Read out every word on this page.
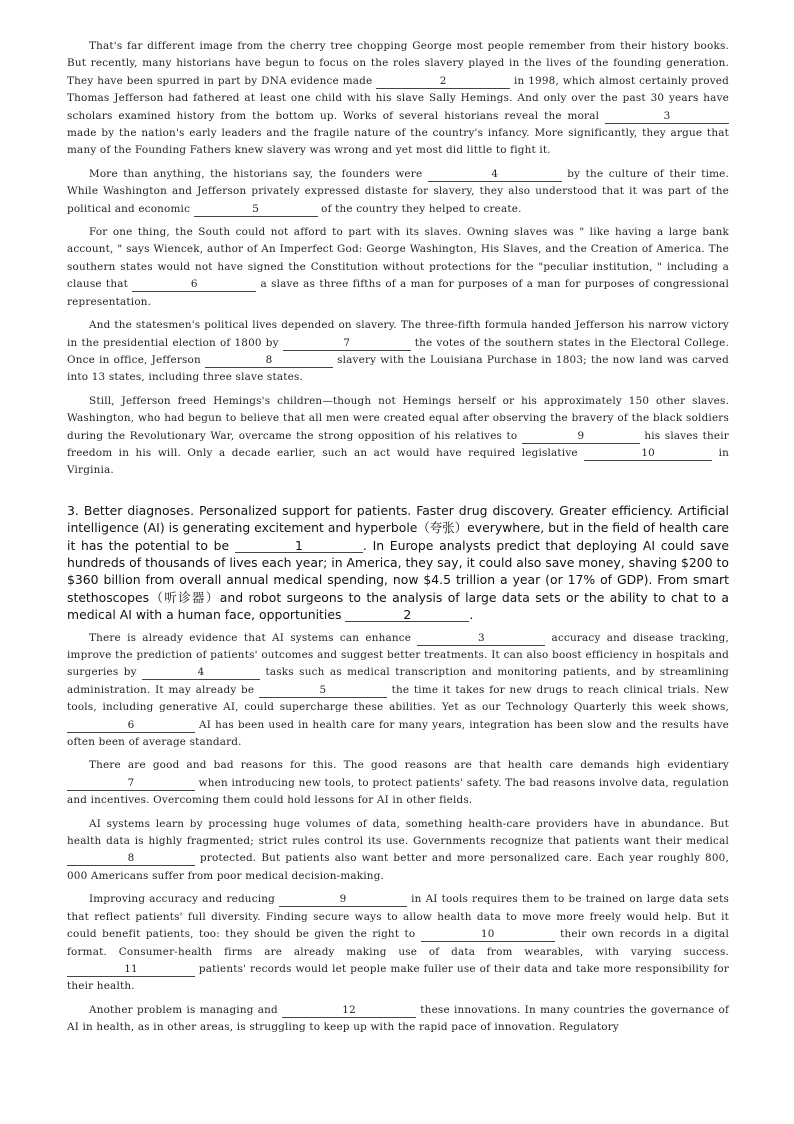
That's far different image from the cherry tree chopping George most people remember from their history books. But recently, many historians have begun to focus on the roles slavery played in the lives of the founding generation. They have been spurred in part by DNA evidence made	2	in 1998, which almost certainly proved Thomas Jefferson had fathered at least one child with his slave Sally Hemings. And only over the past 30 years have scholars examined history from the bottom up. Works of several historians reveal the moral	3 made by the nation's early leaders and the fragile nature of the country's infancy. More significantly, they argue that many of the Founding Fathers knew slavery was wrong and yet most did little to fight it.

More than anything, the historians say, the founders were	4	by the culture of their time. While Washington and Jefferson privately expressed distaste for slavery, they also understood that it was part of the political and economic	5	of the country they helped to create.

For one thing, the South could not afford to part with its slaves. Owning slaves was " like having a large bank account, " says Wiencek, author of An Imperfect God: George Washington, His Slaves, and the Creation of America. The southern states would not have signed the Constitution without protections for the "peculiar institution, " including a clause that	6	a slave as three fifths of a man for purposes of a man for purposes of congressional representation.

And the statesmen's political lives depended on slavery. The three-fifth formula handed Jefferson his narrow victory in the presidential election of 1800 by	7	the votes of the southern states in the Electoral College. Once in office, Jefferson	8	slavery with the Louisiana Purchase in 1803; the now land was carved into 13 states, including three slave states.

Still, Jefferson freed Hemings's children—though not Hemings herself or his approximately 150 other slaves. Washington, who had begun to believe that all men were created equal after observing the bravery of the black soldiers during the Revolutionary War, overcame the strong opposition of his relatives to	9	his slaves their freedom in his will. Only a decade earlier, such an act would have required legislative	10	in Virginia.

3. Better diagnoses. Personalized support for patients. Faster drug discovery. Greater efficiency. Artificial intelligence (AI) is generating excitement and hyperbole（夸张）everywhere, but in the field of health care it has the potential to be	1	. In Europe analysts predict that deploying AI could save hundreds of thousands of lives each year; in America, they say, it could also save money, shaving $200 to $360 billion from overall annual medical spending, now $4.5 trillion a year (or 17% of GDP). From smart stethoscopes（听诊器）and robot surgeons to the analysis of large data sets or the ability to chat to a medical AI with a human face, opportunities	2	.

There is already evidence that AI systems can enhance	3	accuracy and disease tracking, improve the prediction of patients' outcomes and suggest better treatments. It can also boost efficiency in hospitals and surgeries by	4	tasks such as medical transcription and monitoring patients, and by streamlining administration. It may already be	5	the time it takes for new drugs to reach clinical trials. New tools, including generative AI, could supercharge these abilities. Yet as our Technology Quarterly this week shows, 6	AI has been used in health care for many years, integration has been slow and the results have often been of average standard.

There are good and bad reasons for this. The good reasons are that health care demands high evidentiary 7	when introducing new tools, to protect patients' safety. The bad reasons involve data, regulation and incentives. Overcoming them could hold lessons for AI in other fields.

AI systems learn by processing huge volumes of data, something health-care providers have in abundance. But health data is highly fragmented; strict rules control its use. Governments recognize that patients want their medical 8	protected. But patients also want better and more personalized care. Each year roughly 800, 000 Americans suffer from poor medical decision-making.

Improving accuracy and reducing	9	in AI tools requires them to be trained on large data sets that reflect patients' full diversity. Finding secure ways to allow health data to move more freely would help. But it could benefit patients, too: they should be given the right to	10	their own records in a digital format. Consumer-health firms are already making use of data from wearables, with varying success. 11	patients' records would let people make fuller use of their data and take more responsibility for their health.

Another problem is managing and	12	these innovations. In many countries the governance of AI in health, as in other areas, is struggling to keep up with the rapid pace of innovation. Regulatory
